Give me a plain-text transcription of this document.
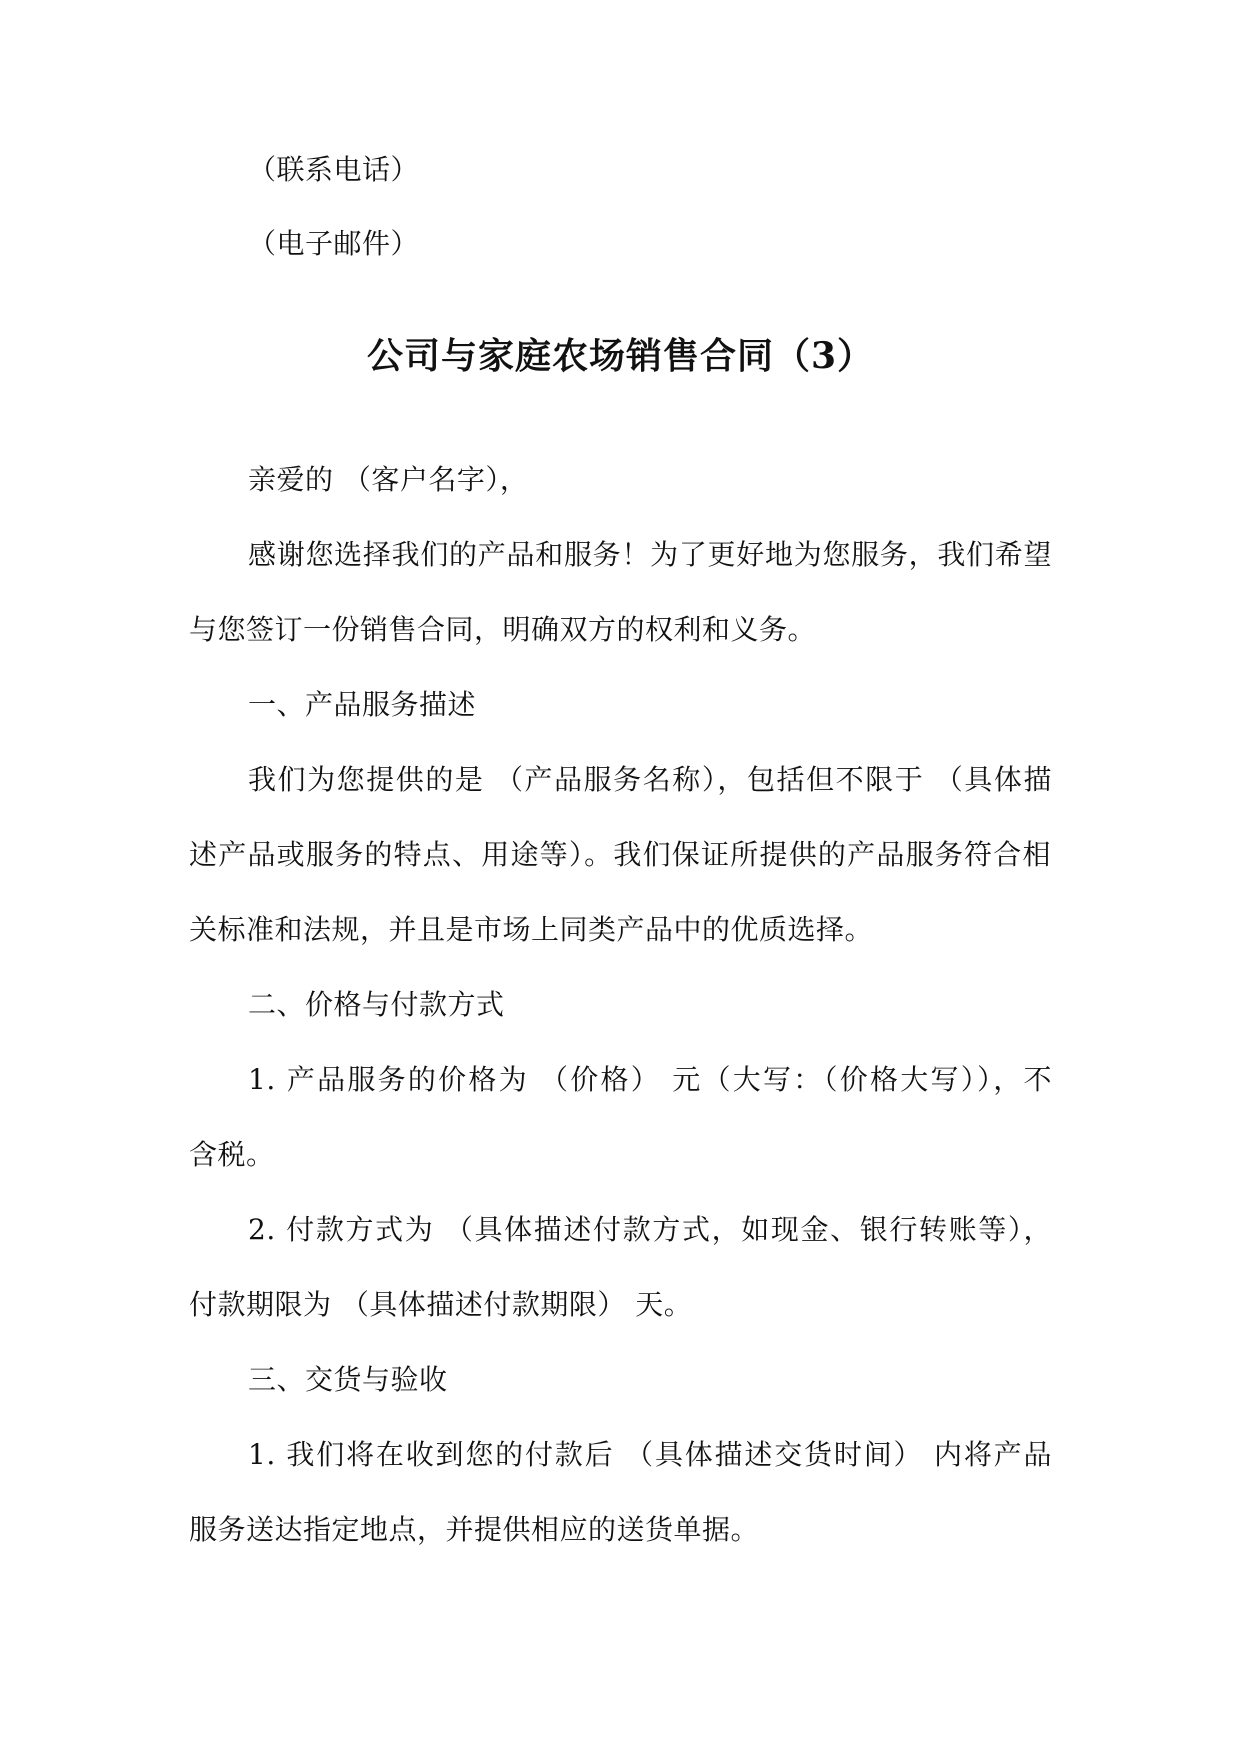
（联系电话）
（电子邮件）
公司与家庭农场销售合同（3）
亲爱的 （客户名字），
感谢您选择我们的产品和服务！为了更好地为您服务，我们希望
与您签订一份销售合同，明确双方的权利和义务。
一、产品服务描述
我们为您提供的是 （产品服务名称），包括但不限于 （具体描
述产品或服务的特点、用途等）。我们保证所提供的产品服务符合相
关标准和法规，并且是市场上同类产品中的优质选择。
二、价格与付款方式
1. 产品服务的价格为 （价格） 元（大写：（价格大写）），不
含税。
2. 付款方式为 （具体描述付款方式，如现金、银行转账等），
付款期限为 （具体描述付款期限） 天。
三、交货与验收
1. 我们将在收到您的付款后 （具体描述交货时间） 内将产品
服务送达指定地点，并提供相应的送货单据。
